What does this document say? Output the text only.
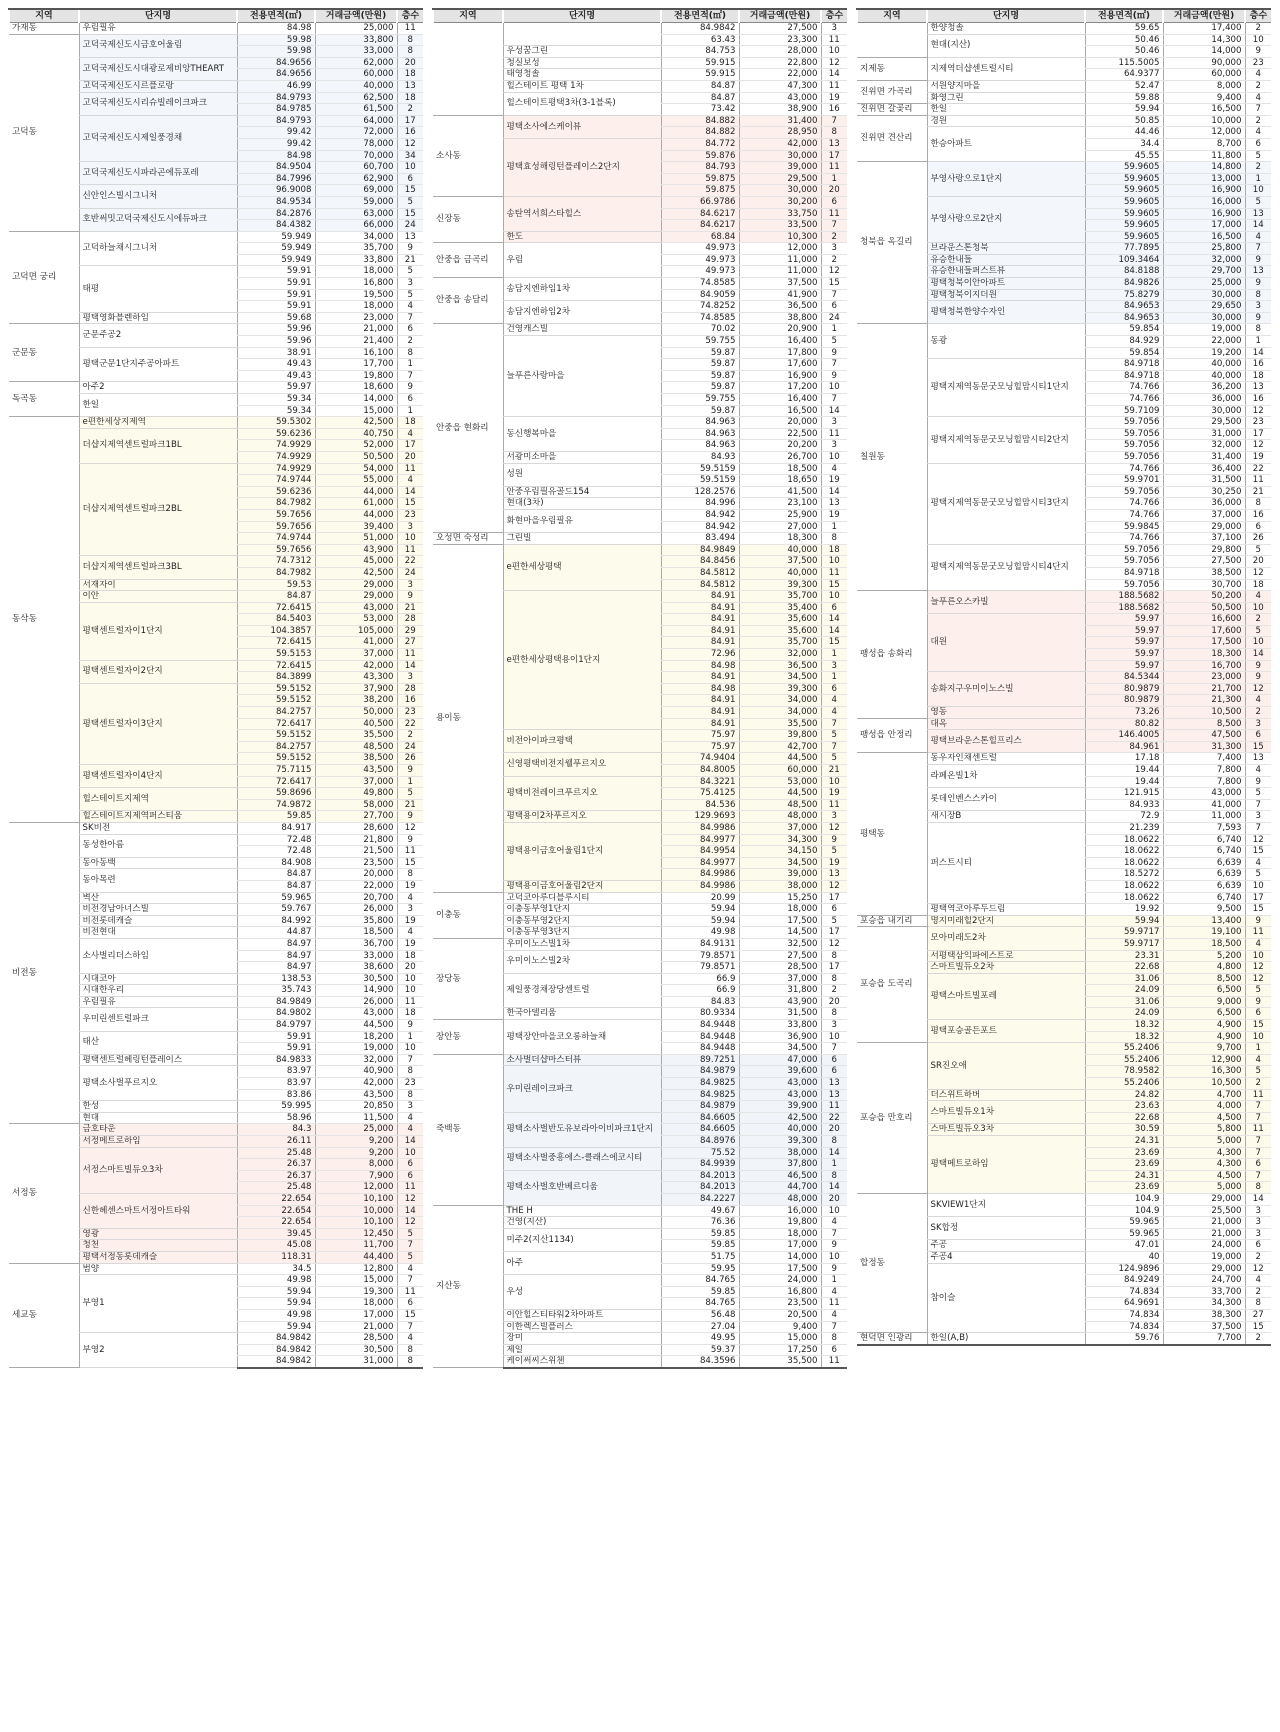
지역	단지명	전용면적(㎡)	거래금액(만원)	층수
가재동	우림필유	84.98	25,000	11
고덕동	고덕국제신도시금호어울림	59.98	33,800	8
		59.98	33,000	8
	고덕국제신도시대광로제비앙THEART	84.9656	62,000	20
		84.9656	60,000	18
	고덕국제신도시르플로랑	46.99	40,000	13
	고덕국제신도시리슈빌레이크파크	84.9793	62,500	18
		84.9785	61,500	2
	고덕국제신도시제일풍경채	84.9793	64,000	17
		99.42	72,000	16
		99.42	78,000	12
		84.98	70,000	34
	고덕국제신도시파라곤에듀포레	84.9504	60,700	10
		84.7996	62,900	6
	신안인스빌시그니처	96.9008	69,000	15
		84.9534	59,000	5
	호반써밋고덕국제신도시에듀파크	84.2876	63,000	15
		84.4382	66,000	24
고덕면 궁리	고덕하늘채시그니처	59.949	34,000	13
		59.949	35,700	9
		59.949	33,800	21
	태평	59.91	18,000	5
		59.91	16,800	3
		59.91	19,500	5
		59.91	18,000	4
	평택영화블렌하임	59.68	23,000	7
군문동	군문주공2	59.96	21,000	6
		59.96	21,400	2
	평택군문1단지주공아파트	38.91	16,100	8
		49.43	17,700	1
		49.43	19,800	7
독곡동	아주2	59.97	18,600	9
	한일	59.34	14,000	6
		59.34	15,000	1
동삭동	e편한세상지제역	59.5302	42,500	18
	더샵지제역센트럴파크1BL	59.6236	40,750	4
		74.9929	52,000	17
		74.9929	50,500	20
	더샵지제역센트럴파크2BL	74.9929	54,000	11
		74.9744	55,000	4
		59.6236	44,000	14
		84.7982	61,000	15
		59.7656	44,000	23
		59.7656	39,400	3
		74.9744	51,000	10
		59.7656	43,900	11
	더샵지제역센트럴파크3BL	74.7312	45,000	22
		84.7982	42,500	24
	서재자이	59.53	29,000	3
	이안	84.87	29,000	9
	평택센트럴자이1단지	72.6415	43,000	21
		84.5403	53,000	28
		104.3857	105,000	29
		72.6415	41,000	27
		59.5153	37,000	11
	평택센트럴자이2단지	72.6415	42,000	14
		84.3899	43,300	3
	평택센트럴자이3단지	59.5152	37,900	28
		59.5152	38,200	16
		84.2757	50,000	23
		72.6417	40,500	22
		59.5152	35,500	2
		84.2757	48,500	24
		59.5152	38,500	26
	평택센트럴자이4단지	75.7115	43,500	9
		72.6417	37,000	1
	힐스테이트지제역	59.8696	49,800	5
		74.9872	58,000	21
	힐스테이트지제역퍼스티움	59.85	27,700	9
비전동	SK비전	84.917	28,600	12
	동성한아름	72.48	21,800	9
		72.48	21,500	11
	동아동백	84.908	23,500	15
	동아목련	84.87	20,000	8
		84.87	22,000	19
	벽산	59.965	20,700	4
	비전경남아너스빌	59.767	26,000	3
	비전롯데캐슬	84.992	35,800	19
	비전현대	44.87	18,500	4
	소사벌리더스하임	84.97	36,700	19
		84.97	33,000	18
		84.97	38,600	20
	시대코아	138.53	30,500	10
	시대한우리	35.743	14,900	10
	우림필유	84.9849	26,000	11
	우미린센트럴파크	84.9802	43,000	18
		84.9797	44,500	9
	태산	59.91	18,200	1
		59.91	19,000	10
	평택센트럴헤링턴플레이스	84.9833	32,000	7
	평택소사벌푸르지오	83.97	40,900	8
		83.97	42,000	23
		83.86	43,500	8
	한성	59.995	20,850	3
	현대	58.96	11,500	4
서정동	금호타운	84.3	25,000	4
	서정메트로하임	26.11	9,200	14
	서정스마트빌듀오3차	25.48	9,200	10
		26.37	8,000	6
		26.37	7,900	6
		25.48	12,000	11
	신한헤센스마트서정아트타워	22.654	10,100	12
		22.654	10,000	14
		22.654	10,100	12
	영광	39.45	12,450	5
	청천	45.08	11,700	7
	평택서정동롯데캐슬	118.31	44,400	5
세교동	범양	34.5	12,800	4
	부영1	49.98	15,000	7
		59.94	19,300	11
		59.94	18,000	6
		49.98	17,000	15
		59.94	21,000	7
	부영2	84.9842	28,500	4
		84.9842	30,500	8
		84.9842	31,000	8
지역	단지명	전용면적(㎡)	거래금액(만원)	층수
		84.9842	27,500	3
		63.43	23,300	11
	우성꿈그린	84.753	28,000	10
	청실보성	59.915	22,800	12
	태영청솔	59.915	22,000	14
	힐스테이트 평택 1차	84.87	47,300	11
	힐스테이트평택3차(3-1블록)	84.87	43,000	19
		73.42	38,900	16
소사동	평택소사에스케이뷰	84.882	31,400	7
		84.882	28,950	8
	평택효성해링턴플레이스2단지	84.772	42,000	13
		59.876	30,000	17
		84.793	39,000	11
		59.875	29,500	1
		59.875	30,000	20
신장동	송탄역서희스타힐스	66.9786	30,200	6
		84.6217	33,750	11
		84.6217	33,500	7
	한도	68.84	10,300	2
안중읍 금곡리	우림	49.973	12,000	3
		49.973	11,000	2
		49.973	11,000	12
안중읍 송담리	송담지엔하임1차	74.8585	37,500	15
		84.9059	41,900	7
	송담지엔하임2차	74.8252	36,500	6
		74.8585	38,800	24
안중읍 현화리	건영캐스빌	70.02	20,900	1
	늘푸른사랑마을	59.755	16,400	5
		59.87	17,800	9
		59.87	17,600	7
		59.87	16,900	9
		59.87	17,200	10
		59.755	16,400	7
		59.87	16,500	14
	동신행복마을	84.963	20,000	3
		84.963	22,500	11
		84.963	20,200	3
	서광미소마을	84.93	26,700	10
	성원	59.5159	18,500	4
		59.5159	18,650	19
	안중우림필유골드154	128.2576	41,500	14
	현대(3차)	84.996	23,100	13
	화현마을우림필유	84.942	25,900	19
		84.942	27,000	1
오성면 숙성리	그린빌	83.494	18,300	8
용이동	e편한세상평택	84.9849	40,000	18
		84.8456	37,500	10
		84.5812	40,000	11
		84.5812	39,300	15
	e편한세상평택용이1단지	84.91	35,700	10
		84.91	35,400	6
		84.91	35,600	14
		84.91	35,600	14
		84.91	35,700	15
		72.96	32,000	1
		84.98	36,500	3
		84.91	34,500	1
		84.98	39,300	6
		84.91	34,000	4
		84.91	34,000	4
		84.91	35,500	7
	비전아이파크평택	75.97	39,800	5
		75.97	42,700	7
	신영평택비전지웰푸르지오	74.9404	44,500	5
		84.8005	60,000	21
	평택비전레이크푸르지오	84.3221	53,000	10
		75.4125	44,500	19
		84.536	48,500	11
	평택용이2차푸르지오	129.9693	48,000	3
	평택용이금호어울림1단지	84.9986	37,000	12
		84.9977	34,300	9
		84.9954	34,150	5
		84.9977	34,500	19
		84.9986	39,000	13
	평택용이금호어울림2단지	84.9986	38,000	12
이충동	고덕코아루디블루시티	20.99	15,250	17
	이충동부영1단지	59.94	18,000	6
	이충동부영2단지	59.94	17,500	5
	이충동부영3단지	49.98	14,500	17
장당동	우미이노스빌1차	84.9131	32,500	12
	우미이노스빌2차	79.8571	27,500	8
		79.8571	28,500	17
	제일풍경채장당센트럴	66.9	37,000	8
		66.9	31,800	2
		84.83	43,900	20
	한국아델리움	80.9334	31,500	8
장안동	평택장안마을코오롱하늘채	84.9448	33,800	3
		84.9448	36,900	10
		84.9448	34,500	7
죽백동	소사벌더샵마스터뷰	89.7251	47,000	6
	우미린레이크파크	84.9879	39,600	6
		84.9825	43,000	13
		84.9825	43,000	13
		84.9879	39,900	11
	평택소사벌반도유보라아이비파크1단지	84.6605	42,500	22
		84.6605	40,000	20
		84.8976	39,300	8
	평택소사벌중흥에스-클래스에코시티	75.52	38,000	14
		84.9939	37,800	1
	평택소사벌호반베르디움	84.2013	46,500	8
		84.2013	44,700	14
		84.2227	48,000	20
지산동	THE H	49.67	16,000	10
	건영(지산)	76.36	19,800	4
	미주2(지산1134)	59.85	18,000	7
		59.85	17,000	9
	아주	51.75	14,000	10
		59.95	17,500	9
	우성	84.765	24,000	1
		59.85	16,800	4
		84.765	23,500	11
	이안힐스티타워2차아파트	56.48	20,500	4
	이한렉스빌플러스	27.04	9,400	7
	장미	49.95	15,000	8
	제일	59.37	17,250	6
	케이써씨스위첸	84.3596	35,500	11
지역	단지명	전용면적(㎡)	거래금액(만원)	층수
	한양청솔	59.65	17,400	2
	현대(지산)	50.46	14,300	10
		50.46	14,000	9
지제동	지제역더샵센트럴시티	115.5005	90,000	23
		64.9377	60,000	4
진위면 가곡리	서원양지마을	52.47	8,000	2
	화영그린	59.88	9,400	4
진위면 갈곶리	한일	59.94	16,500	7
진위면 견산리	경원	50.85	10,000	2
	한승아파트	44.46	12,000	4
		34.4	8,700	6
		45.55	11,800	5
청북읍 옥길리	부영사랑으로1단지	59.9605	14,800	2
		59.9605	13,000	1
		59.9605	16,900	10
	부영사랑으로2단지	59.9605	16,000	5
		59.9605	16,900	13
		59.9605	17,000	14
		59.9605	16,500	4
	브라운스톤청북	77.7895	25,800	7
	유승한내들	109.3464	32,000	9
	유승한내들퍼스트뷰	84.8188	29,700	13
	평택청북이안아파트	84.9826	25,000	9
	평택청북이지더원	75.8279	30,000	8
	평택청북한양수자인	84.9653	29,650	3
		84.9653	30,000	9
칠원동	동광	59.854	19,000	8
		84.929	22,000	1
		59.854	19,200	14
	평택지제역동문굿모닝힐맘시티1단지	84.9718	40,000	16
		84.9718	40,000	18
		74.766	36,200	13
		74.766	36,000	16
		59.7109	30,000	12
	평택지제역동문굿모닝힐맘시티2단지	59.7056	29,500	23
		59.7056	31,000	17
		59.7056	32,000	12
		59.7056	31,400	19
	평택지제역동문굿모닝힐맘시티3단지	74.766	36,400	22
		59.9701	31,500	11
		59.7056	30,250	21
		74.766	36,000	8
		74.766	37,000	16
		59.9845	29,000	6
		74.766	37,100	26
	평택지제역동문굿모닝힐맘시티4단지	59.7056	29,800	5
		59.7056	27,500	20
		84.9718	38,500	12
		59.7056	30,700	18
팽성읍 송화리	늘푸른오스카빌	188.5682	50,200	4
		188.5682	50,500	10
	대원	59.97	16,600	2
		59.97	17,600	5
		59.97	17,500	10
		59.97	18,300	14
		59.97	16,700	9
	송화지구우미이노스빌	84.5344	23,000	9
		80.9879	21,700	12
		80.9879	21,300	4
	영동	73.26	10,500	2
팽성읍 안정리	대옥	80.82	8,500	3
	평택브라운스톤힐프리스	146.4005	47,500	6
		84.961	31,300	15
평택동	동우자인채센트럴	17.18	7,400	13
	라페온빌1차	19.44	7,800	4
		19.44	7,800	9
	롯데인벤스스카이	121.915	43,000	5
		84.933	41,000	7
	새시장B	72.9	11,000	3
	퍼스트시티	21.239	7,593	7
		18.0622	6,740	12
		18.0622	6,740	15
		18.0622	6,639	4
		18.5272	6,639	5
		18.0622	6,639	10
		18.0622	6,740	17
	평택역코아루두드림	19.92	9,500	15
포승읍 내기리	명지미래힐2단지	59.94	13,400	9
포승읍 도곡리	모아미래도2차	59.9717	19,100	11
		59.9717	18,500	4
	서평택삼익파에스트로	23.31	5,200	10
	스마트빌듀오2차	22.68	4,800	12
	평택스마트빌포레	31.06	8,500	12
		24.09	6,500	5
		31.06	9,000	9
		24.09	6,500	6
	평택포승골든포트	18.32	4,900	15
		18.32	4,900	10
포승읍 만호리	SR진오애	55.2406	9,700	1
		55.2406	12,900	4
		78.9582	16,300	5
		55.2406	10,500	2
	더스위트하버	24.82	4,700	11
	스마트빌듀오1차	23.63	4,000	7
		22.68	4,500	7
	스마트빌듀오3차	30.59	5,800	11
	평택메트로하임	24.31	5,000	7
		23.69	4,300	7
		23.69	4,300	6
		24.31	4,500	7
		23.69	5,000	8
합정동	SKVIEW1단지	104.9	29,000	14
		104.9	25,500	3
	SK합정	59.965	21,000	3
		59.965	21,000	3
	주공	47.01	24,000	6
	주공4	40	19,000	2
	참이슬	124.9896	29,000	12
		84.9249	24,700	4
		74.834	33,700	2
		64.9691	34,300	8
		74.834	38,300	27
		74.834	37,500	15
현덕면 인광리	한일(A,B)	59.76	7,700	2
